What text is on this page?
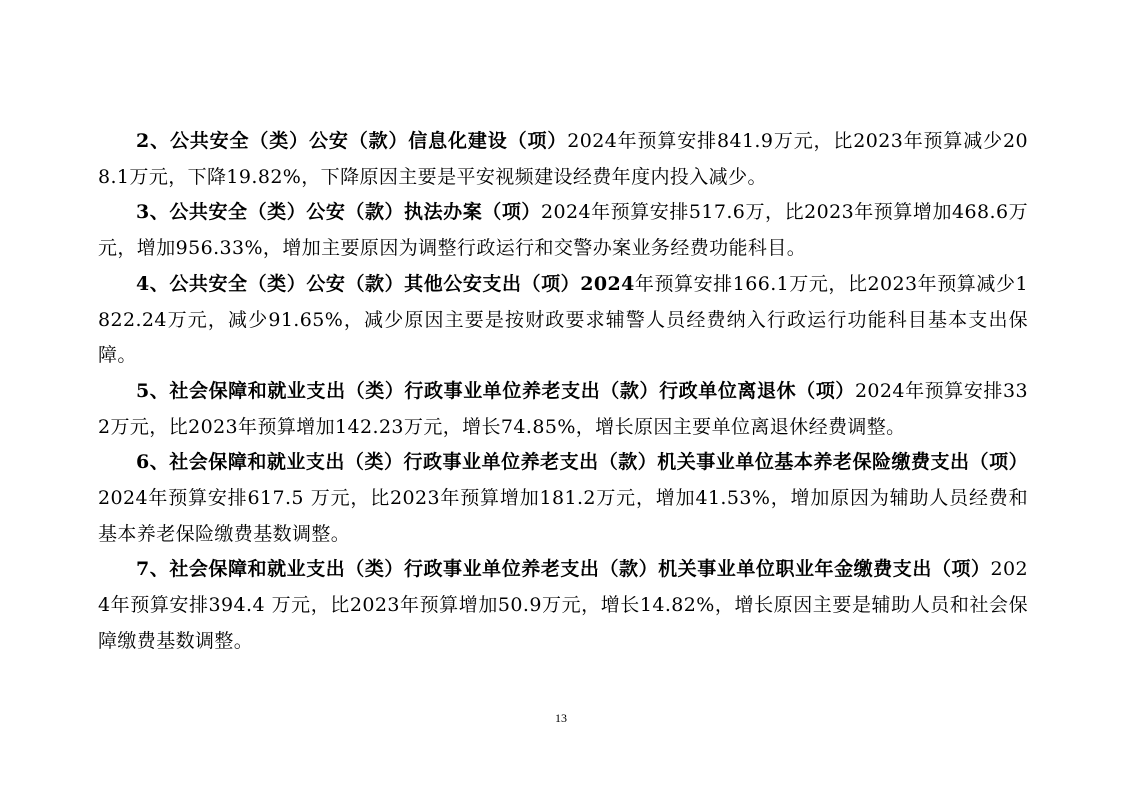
2、公共安全（类）公安（款）信息化建设（项）2024年预算安排841.9万元，比2023年预算减少208.1万元，下降19.82%，下降原因主要是平安视频建设经费年度内投入减少。

3、公共安全（类）公安（款）执法办案（项）2024年预算安排517.6万，比2023年预算增加468.6万元，增加956.33%，增加主要原因为调整行政运行和交警办案业务经费功能科目。

4、公共安全（类）公安（款）其他公安支出（项）2024年预算安排166.1万元，比2023年预算减少1822.24万元，减少91.65%，减少原因主要是按财政要求辅警人员经费纳入行政运行功能科目基本支出保障。

5、社会保障和就业支出（类）行政事业单位养老支出（款）行政单位离退休（项）2024年预算安排332万元，比2023年预算增加142.23万元，增长74.85%，增长原因主要单位离退休经费调整。

6、社会保障和就业支出（类）行政事业单位养老支出（款）机关事业单位基本养老保险缴费支出（项）2024年预算安排617.5 万元，比2023年预算增加181.2万元，增加41.53%，增加原因为辅助人员经费和基本养老保险缴费基数调整。

7、社会保障和就业支出（类）行政事业单位养老支出（款）机关事业单位职业年金缴费支出（项）2024年预算安排394.4 万元，比2023年预算增加50.9万元，增长14.82%，增长原因主要是辅助人员和社会保障缴费基数调整。

13
